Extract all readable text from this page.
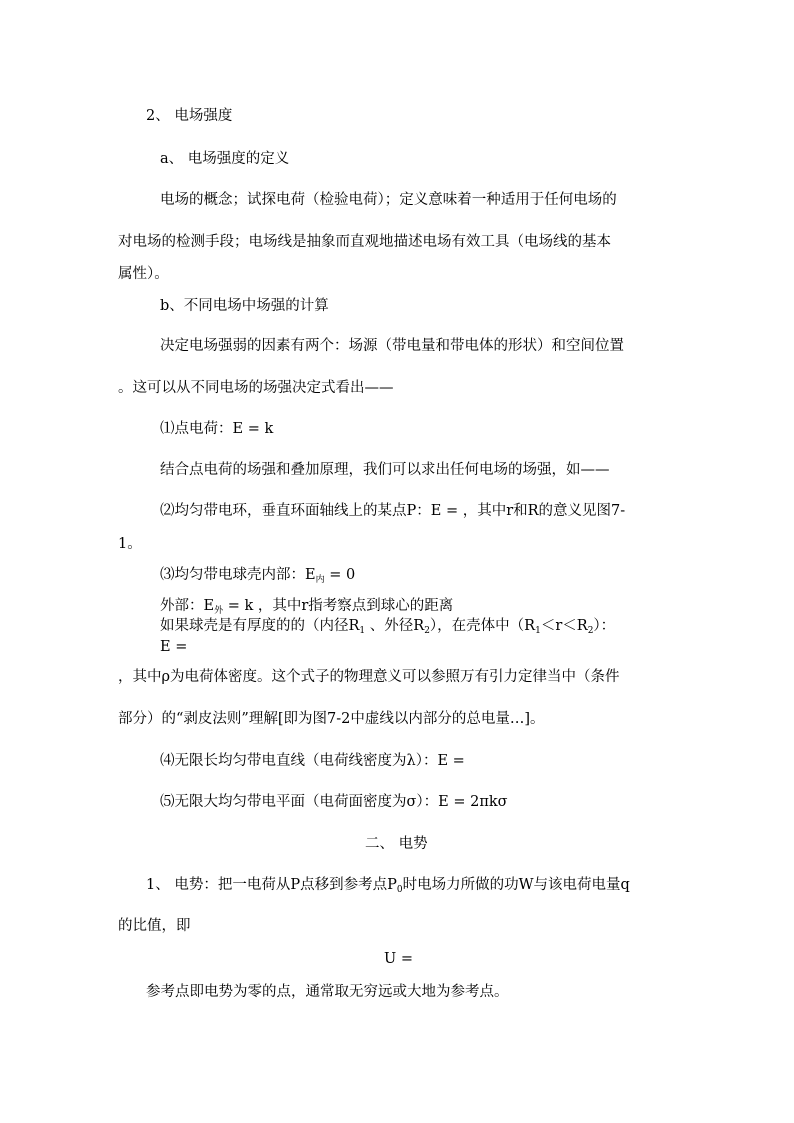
2、 电场强度
a、 电场强度的定义
电场的概念；试探电荷（检验电荷）；定义意味着一种适用于任何电场的
对电场的检测手段；电场线是抽象而直观地描述电场有效工具（电场线的基本
属性）。
b、不同电场中场强的计算
决定电场强弱的因素有两个：场源（带电量和带电体的形状）和空间位置
。这可以从不同电场的场强决定式看出——
⑴点电荷：E = k
结合点电荷的场强和叠加原理，我们可以求出任何电场的场强，如——
⑵均匀带电环，垂直环面轴线上的某点P：E = ，其中r和R的意义见图7-
1。
⑶均匀带电球壳内部：$E_内 = 0$
外部：$E_外 = k$ ，其中r指考察点到球心的距离
如果球壳是有厚度的的（内径$R_1$ 、外径$R_2$），在壳体中$(R_1<r<R_2)$：
E =
，其中ρ为电荷体密度。这个式子的物理意义可以参照万有引力定律当中（条件
部分）的“剥皮法则”理解[即为图7-2中虚线以内部分的总电量…]。
⑷无限长均匀带电直线（电荷线密度为λ）：E =
⑸无限大均匀带电平面（电荷面密度为σ）：E = 2πkσ
二、 电势
1、 电势：把一电荷从P点移到参考点$P_0$时电场力所做的功W与该电荷电量q
的比值，即
U =
参考点即电势为零的点，通常取无穷远或大地为参考点。
